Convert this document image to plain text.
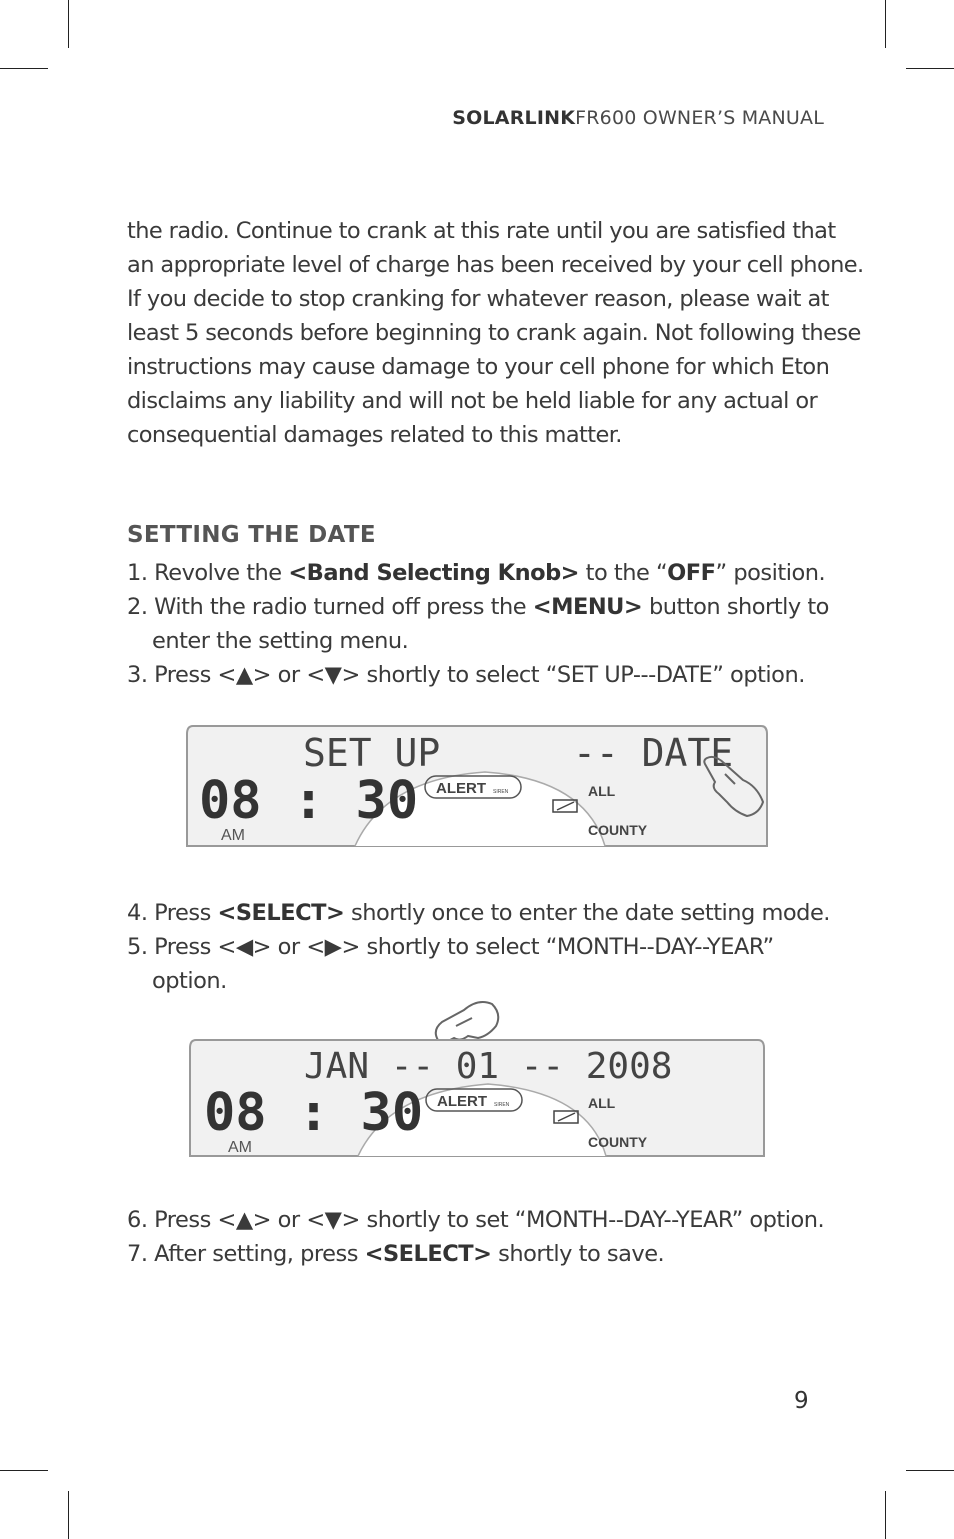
SOLARLINKFR600 OWNER’S MANUAL
the radio. Continue to crank at this rate until you are satisfied that
an appropriate level of charge has been received by your cell phone.
If you decide to stop cranking for whatever reason, please wait at
least 5 seconds before beginning to crank again. Not following these
instructions may cause damage to your cell phone for which Eton
disclaims any liability and will not be held liable for any actual or
consequential damages related to this matter.
SETTING THE DATE
1. Revolve the <Band Selecting Knob> to the “OFF” position.
2. With the radio turned off press the <MENU> button shortly to
enter the setting menu.
3. Press <▲> or <▼> shortly to select “SET UP---DATE” option.
SET UP	-- DATE
08 : 30
AM
ALERT SIREN	ALL
COUNTY
4. Press <SELECT> shortly once to enter the date setting mode.
5. Press <◀> or <▶> shortly to select “MONTH--DAY--YEAR”
option.
JAN -- 01 -- 2008
08 : 30
AM
ALERT SIREN	ALL
COUNTY
6. Press <▲> or <▼> shortly to set “MONTH--DAY--YEAR” option.
7. After setting, press <SELECT> shortly to save.
9
